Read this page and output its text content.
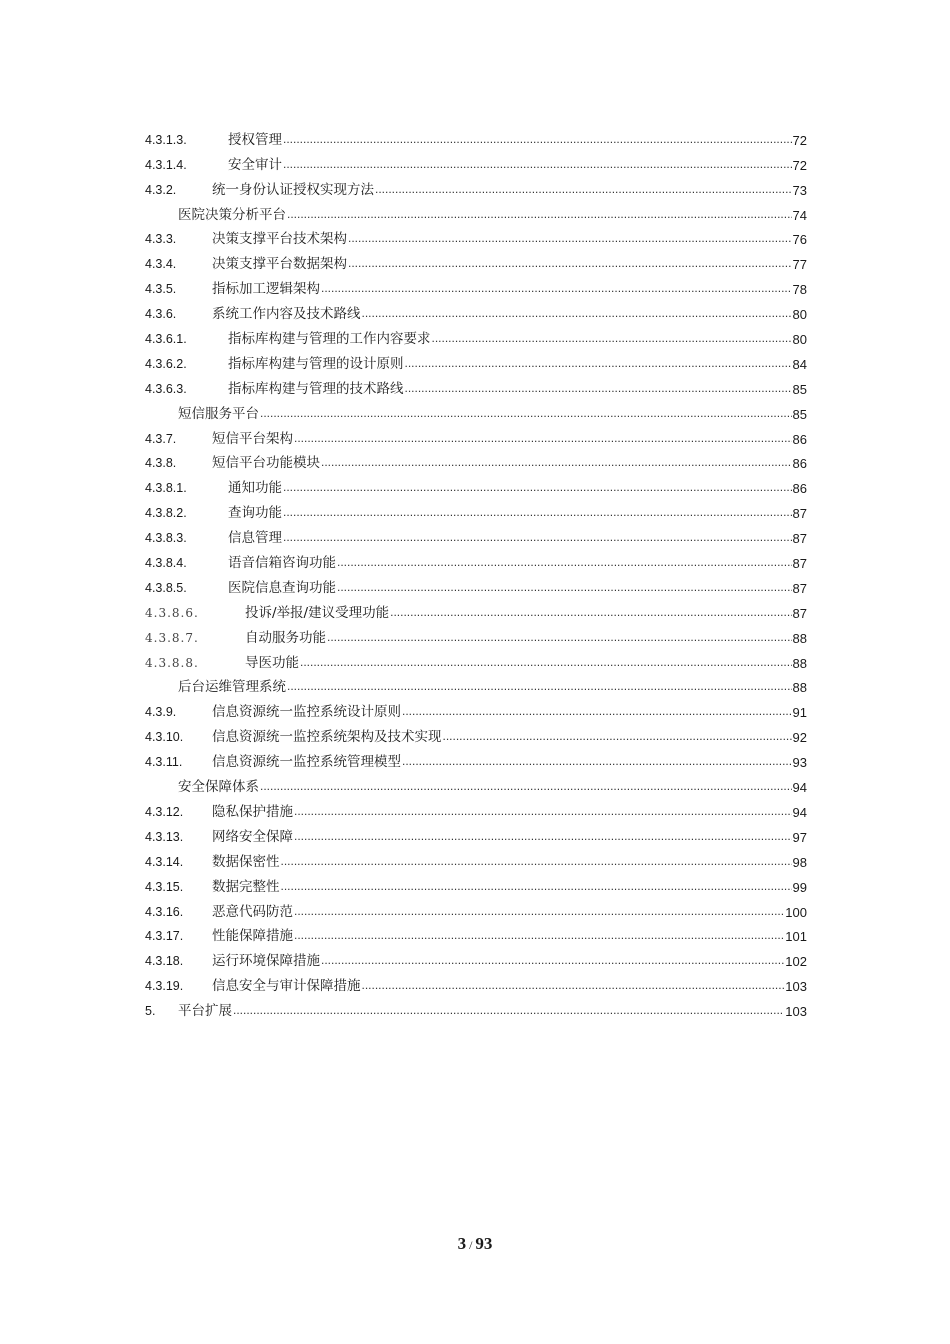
4.3.1.3.	授权管理 .....	72
4.3.1.4.	安全审计 .....	72
4.3.2.	统一身份认证授权实现方法 .....	73
医院决策分析平台 .....	74
4.3.3.	决策支撑平台技术架构 .....	76
4.3.4.	决策支撑平台数据架构 .....	77
4.3.5.	指标加工逻辑架构 .....	78
4.3.6.	系统工作内容及技术路线 .....	80
4.3.6.1.	指标库构建与管理的工作内容要求 .....	80
4.3.6.2.	指标库构建与管理的设计原则 .....	84
4.3.6.3.	指标库构建与管理的技术路线 .....	85
短信服务平台 .....	85
4.3.7.	短信平台架构 .....	86
4.3.8.	短信平台功能模块 .....	86
4.3.8.1.	通知功能 .....	86
4.3.8.2.	查询功能 .....	87
4.3.8.3.	信息管理 .....	87
4.3.8.4.	语音信箱咨询功能 .....	87
4.3.8.5.	医院信息查询功能 .....	87
4.3.8.6.	投诉/举报/建议受理功能 .....	87
4.3.8.7.	自动服务功能 .....	88
4.3.8.8.	导医功能 .....	88
后台运维管理系统 .....	88
4.3.9.	信息资源统一监控系统设计原则 .....	91
4.3.10.	信息资源统一监控系统架构及技术实现 .....	92
4.3.11.	信息资源统一监控系统管理模型 .....	93
安全保障体系 .....	94
4.3.12.	隐私保护措施 .....	94
4.3.13.	网络安全保障 .....	97
4.3.14.	数据保密性 .....	98
4.3.15.	数据完整性 .....	99
4.3.16.	恶意代码防范 .....	100
4.3.17.	性能保障措施 .....	101
4.3.18.	运行环境保障措施 .....	102
4.3.19.	信息安全与审计保障措施 .....	103
5.	平台扩展 .....	103
3 / 93
